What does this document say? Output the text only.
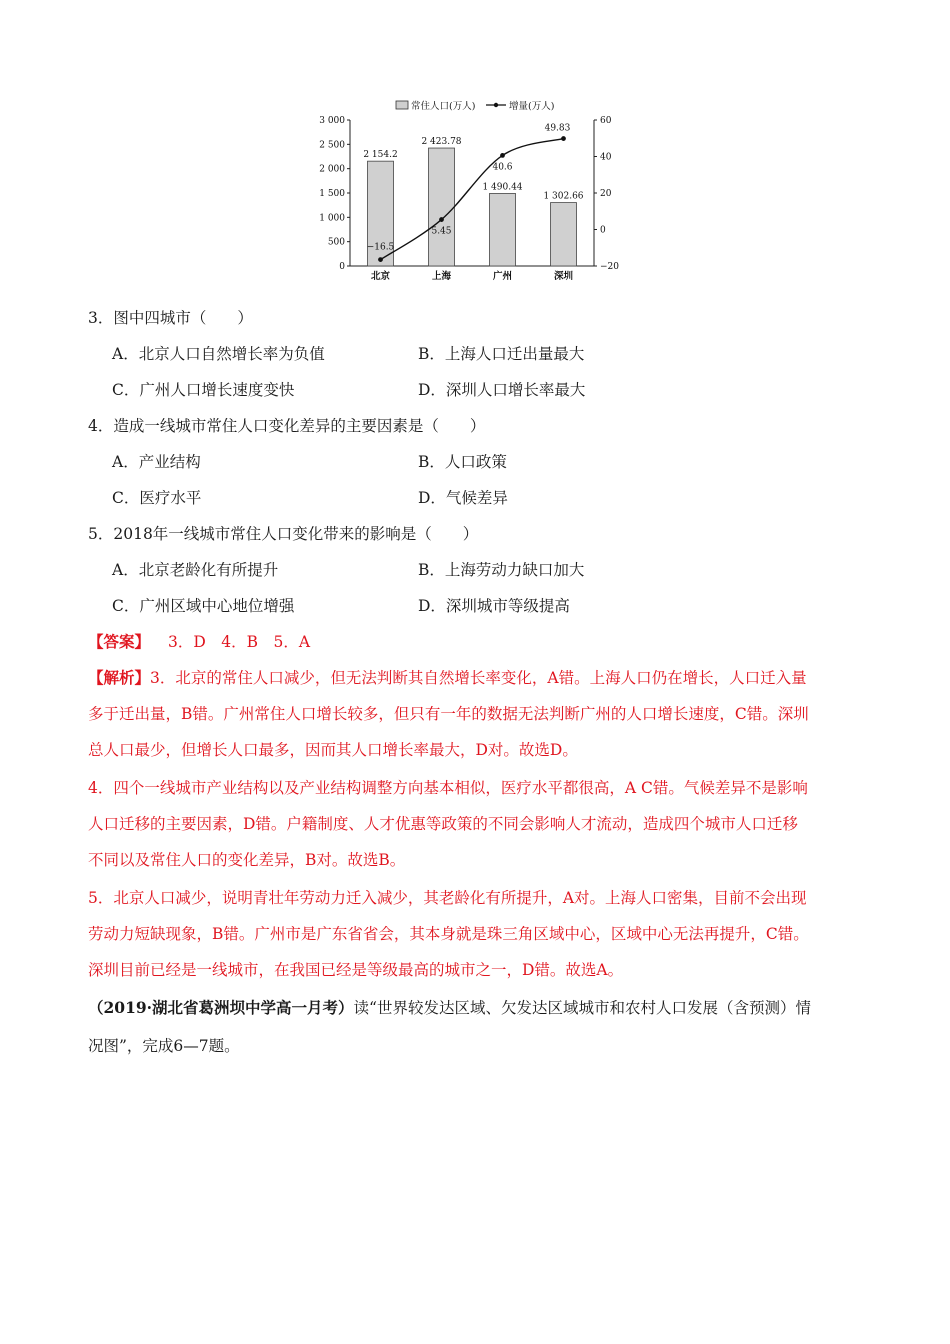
常住人口(万人)	增量(万人)
0
500
1 000
1 500
2 000
2 500
3 000
−20
0
20
40
60
2 154.2
北京
2 423.78
上海
1 490.44
广州
1 302.66
深圳
−16.5
5.45
40.6
49.83
3．图中四城市（　　）
A．北京人口自然增长率为负值	B．上海人口迁出量最大
C．广州人口增长速度变快	D．深圳人口增长率最大
4．造成一线城市常住人口变化差异的主要因素是（　　）
A．产业结构	B．人口政策
C．医疗水平	D．气候差异
5．2018年一线城市常住人口变化带来的影响是（　　）
A．北京老龄化有所提升	B．上海劳动力缺口加大
C．广州区域中心地位增强	D．深圳城市等级提高
【答案】 3．D　4．B　5．A
【解析】3．北京的常住人口减少，但无法判断其自然增长率变化，A错。上海人口仍在增长，人口迁入量
多于迁出量，B错。广州常住人口增长较多，但只有一年的数据无法判断广州的人口增长速度，C错。深圳
总人口最少，但增长人口最多，因而其人口增长率最大，D对。故选D。
4．四个一线城市产业结构以及产业结构调整方向基本相似，医疗水平都很高，A C错。气候差异不是影响
人口迁移的主要因素，D错。户籍制度、人才优惠等政策的不同会影响人才流动，造成四个城市人口迁移
不同以及常住人口的变化差异，B对。故选B。
5．北京人口减少，说明青壮年劳动力迁入减少，其老龄化有所提升，A对。上海人口密集，目前不会出现
劳动力短缺现象，B错。广州市是广东省省会，其本身就是珠三角区域中心，区域中心无法再提升，C错。
深圳目前已经是一线城市，在我国已经是等级最高的城市之一，D错。故选A。
（2019·湖北省葛洲坝中学高一月考）读“世界较发达区域、欠发达区域城市和农村人口发展（含预测）情
况图”，完成6—7题。
